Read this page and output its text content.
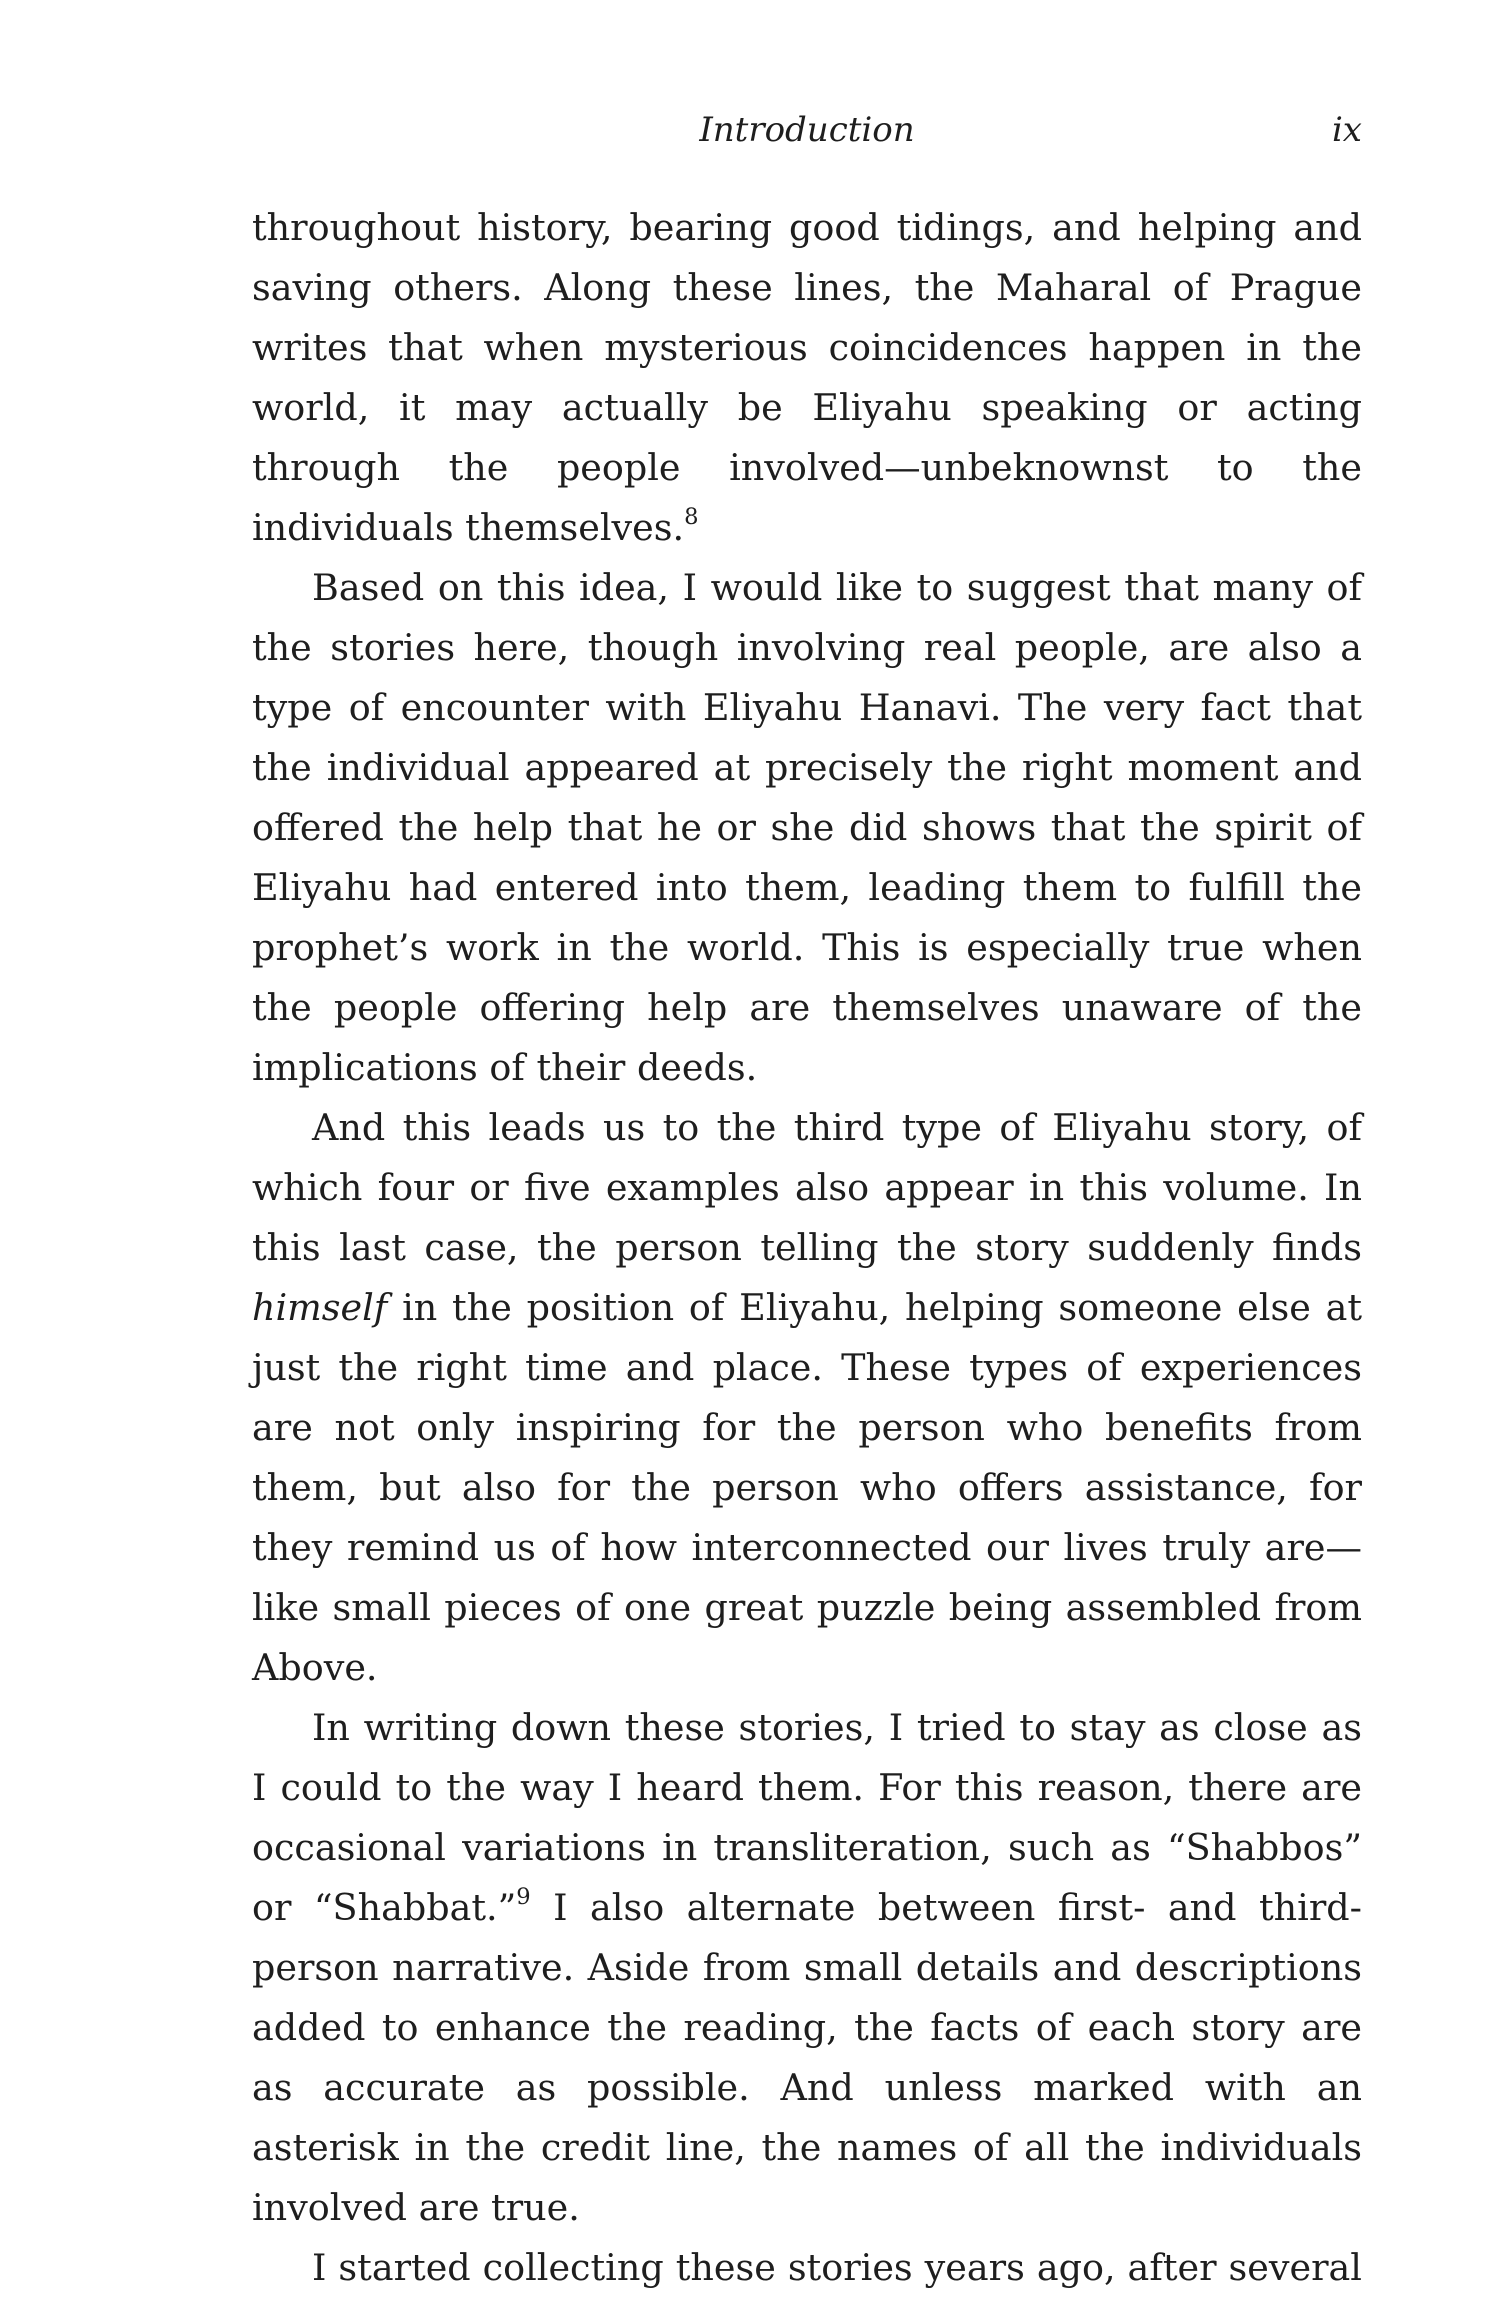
Introduction	ix

throughout history, bearing good tidings, and helping and saving others. Along these lines, the Maharal of Prague writes that when mysterious coincidences happen in the world, it may actually be Eliyahu speaking or acting through the people involved—unbeknownst to the individuals themselves.$^8$

Based on this idea, I would like to suggest that many of the stories here, though involving real people, are also a type of encounter with Eliyahu Hanavi. The very fact that the individual appeared at precisely the right moment and offered the help that he or she did shows that the spirit of Eliyahu had entered into them, leading them to fulfill the prophet’s work in the world. This is especially true when the people offering help are themselves unaware of the implications of their deeds.

And this leads us to the third type of Eliyahu story, of which four or five examples also appear in this volume. In this last case, the person telling the story suddenly finds himself in the position of Eliyahu, helping someone else at just the right time and place. These types of experiences are not only inspiring for the person who benefits from them, but also for the person who offers assistance, for they remind us of how interconnected our lives truly are—like small pieces of one great puzzle being assembled from Above.

In writing down these stories, I tried to stay as close as I could to the way I heard them. For this reason, there are occasional variations in transliteration, such as “Shabbos” or “Shabbat.”$^9$ I also alternate between first- and third-person narrative. Aside from small details and descriptions added to enhance the reading, the facts of each story are as accurate as possible. And unless marked with an asterisk in the credit line, the names of all the individuals involved are true.

I started collecting these stories years ago, after several
